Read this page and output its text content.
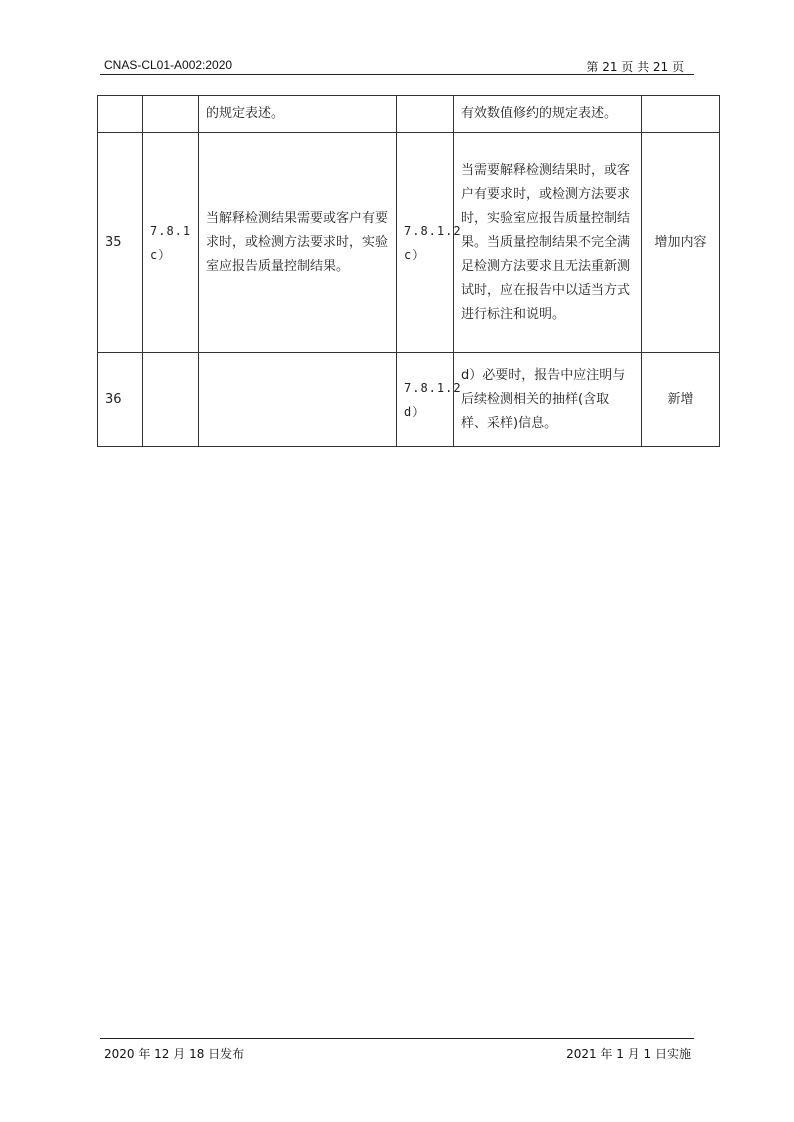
CNAS-CL01-A002:2020	第 21 页 共 21 页
		的规定表述。		有效数值修约的规定表述。	
35	7.8.1 c）	当解释检测结果需要或客户有要求时，或检测方法要求时，实验室应报告质量控制结果。	7.8.1.2 c）	当需要解释检测结果时，或客户有要求时，或检测方法要求时，实验室应报告质量控制结果。当质量控制结果不完全满足检测方法要求且无法重新测试时，应在报告中以适当方式进行标注和说明。	增加内容
36			7.8.1.2 d）	d）必要时，报告中应注明与后续检测相关的抽样(含取样、采样)信息。	新增
2020 年 12 月 18 日发布	2021 年 1 月 1 日实施
